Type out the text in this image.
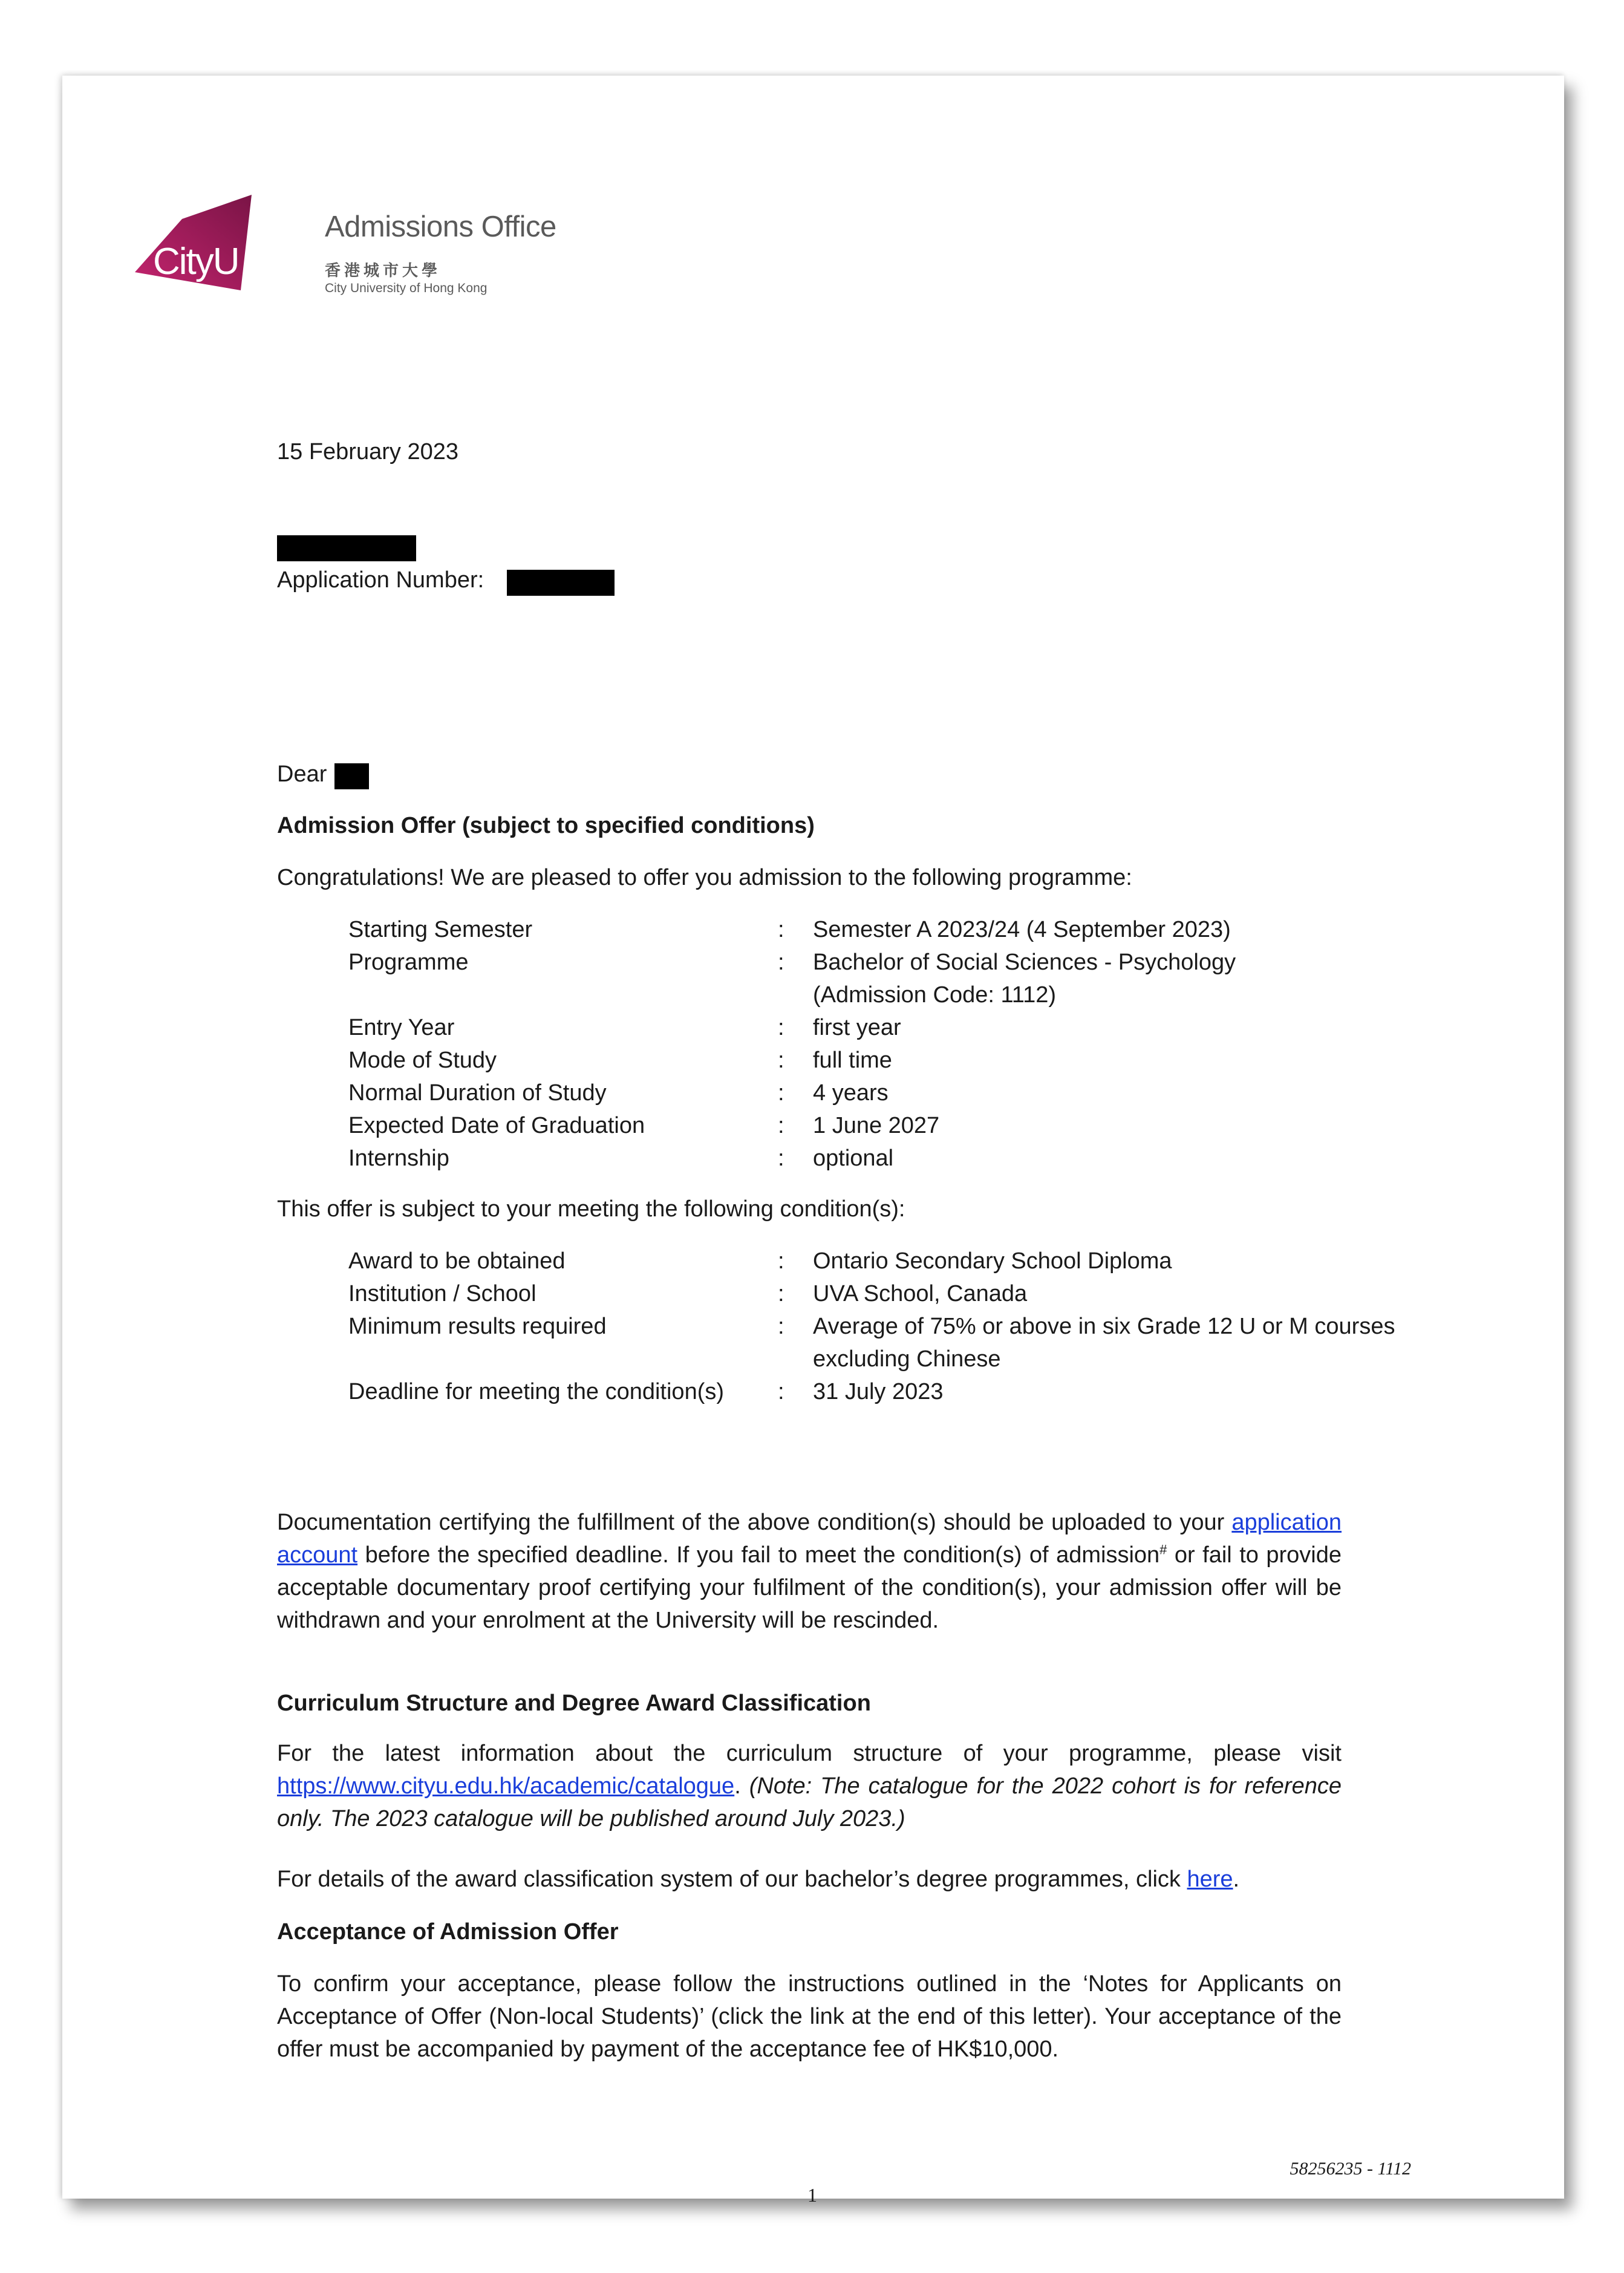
CityU
Admissions Office
香港城市大學
City University of Hong Kong
15 February 2023
Application Number:
Dear
Admission Offer (subject to specified conditions)
Congratulations! We are pleased to offer you admission to the following programme:
Starting Semester	:	Semester A 2023/24 (4 September 2023)
Programme	:	Bachelor of Social Sciences - Psychology
(Admission Code: 1112)
Entry Year	:	first year
Mode of Study	:	full time
Normal Duration of Study	:	4 years
Expected Date of Graduation	:	1 June 2027
Internship	:	optional
This offer is subject to your meeting the following condition(s):
Award to be obtained	:	Ontario Secondary School Diploma
Institution / School	:	UVA School, Canada
Minimum results required	:	Average of 75% or above in six Grade 12 U or M courses excluding Chinese
Deadline for meeting the condition(s)	:	31 July 2023
Documentation certifying the fulfillment of the above condition(s) should be uploaded to your application account before the specified deadline. If you fail to meet the condition(s) of admission# or fail to provide acceptable documentary proof certifying your fulfilment of the condition(s), your admission offer will be withdrawn and your enrolment at the University will be rescinded.
Curriculum Structure and Degree Award Classification
For the latest information about the curriculum structure of your programme, please visit https://www.cityu.edu.hk/academic/catalogue. (Note: The catalogue for the 2022 cohort is for reference only. The 2023 catalogue will be published around July 2023.)
For details of the award classification system of our bachelor’s degree programmes, click here.
Acceptance of Admission Offer
To confirm your acceptance, please follow the instructions outlined in the ‘Notes for Applicants on Acceptance of Offer (Non-local Students)’ (click the link at the end of this letter). Your acceptance of the offer must be accompanied by payment of the acceptance fee of HK$10,000.
58256235 - 1112
1
